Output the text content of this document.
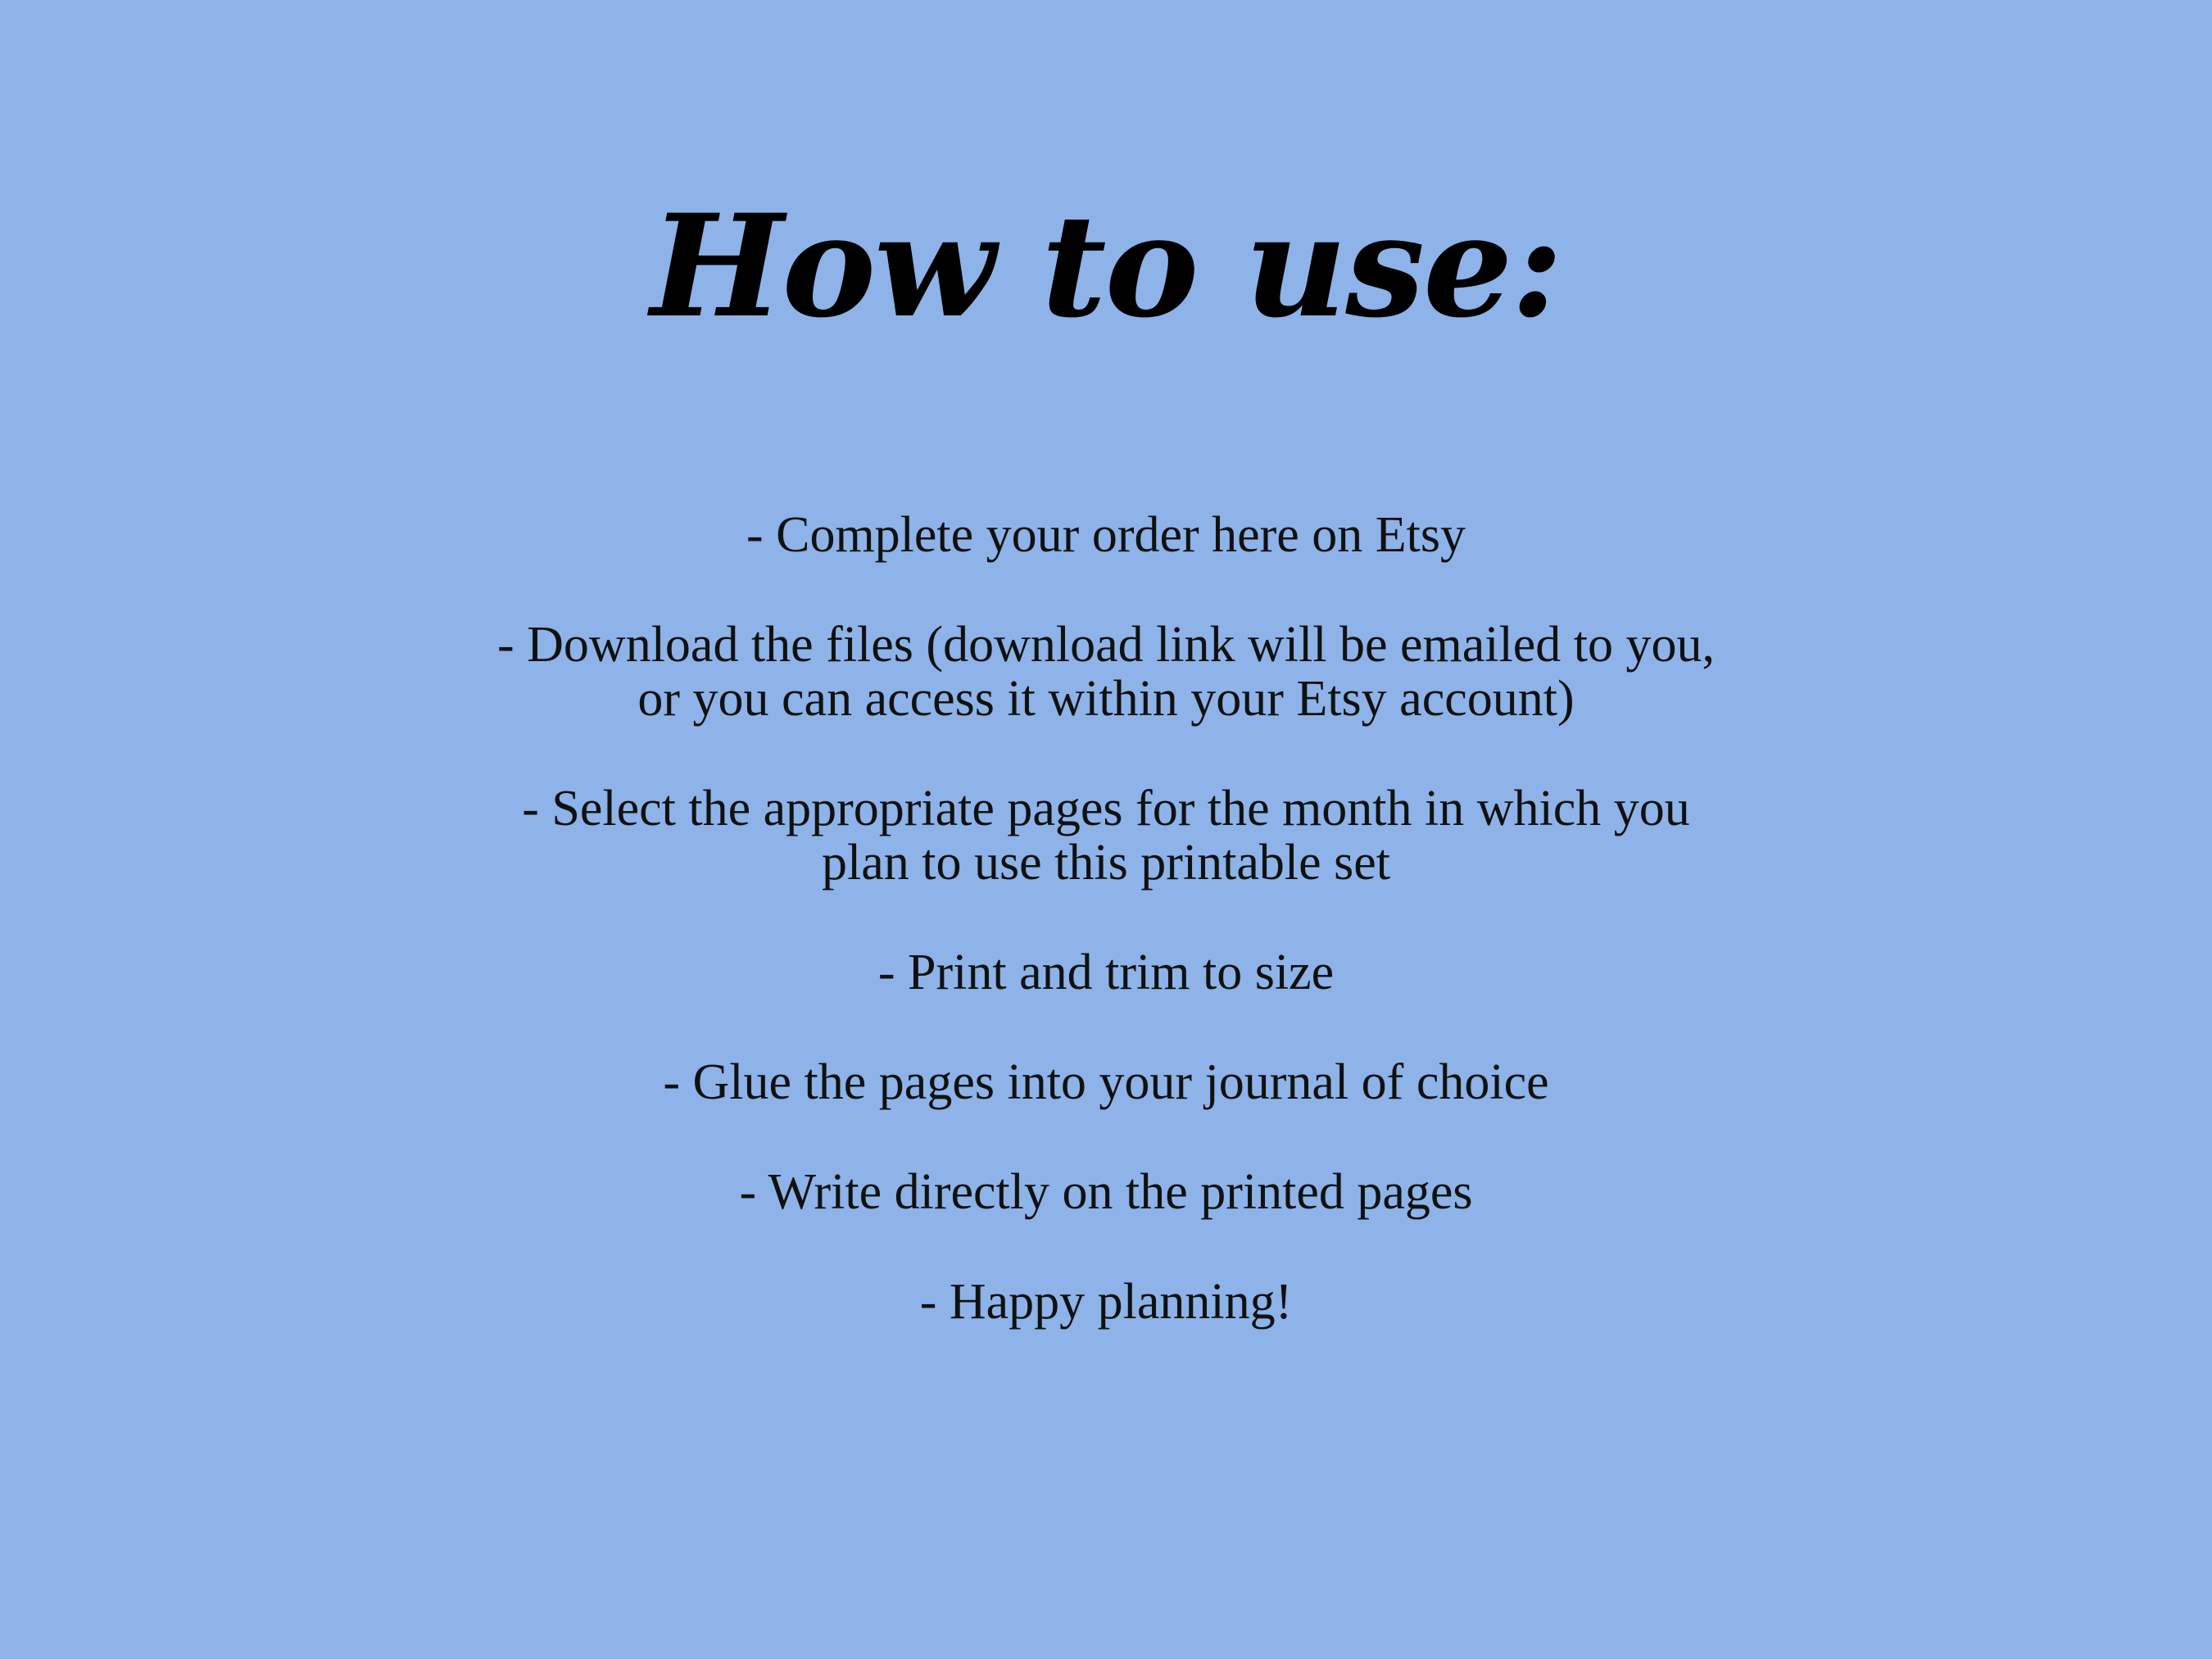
How to use:
- Complete your order here on Etsy
- Download the files (download link will be emailed to you,
or you can access it within your Etsy account)
- Select the appropriate pages for the month in which you
plan to use this printable set
- Print and trim to size
- Glue the pages into your journal of choice
- Write directly on the printed pages
- Happy planning!
